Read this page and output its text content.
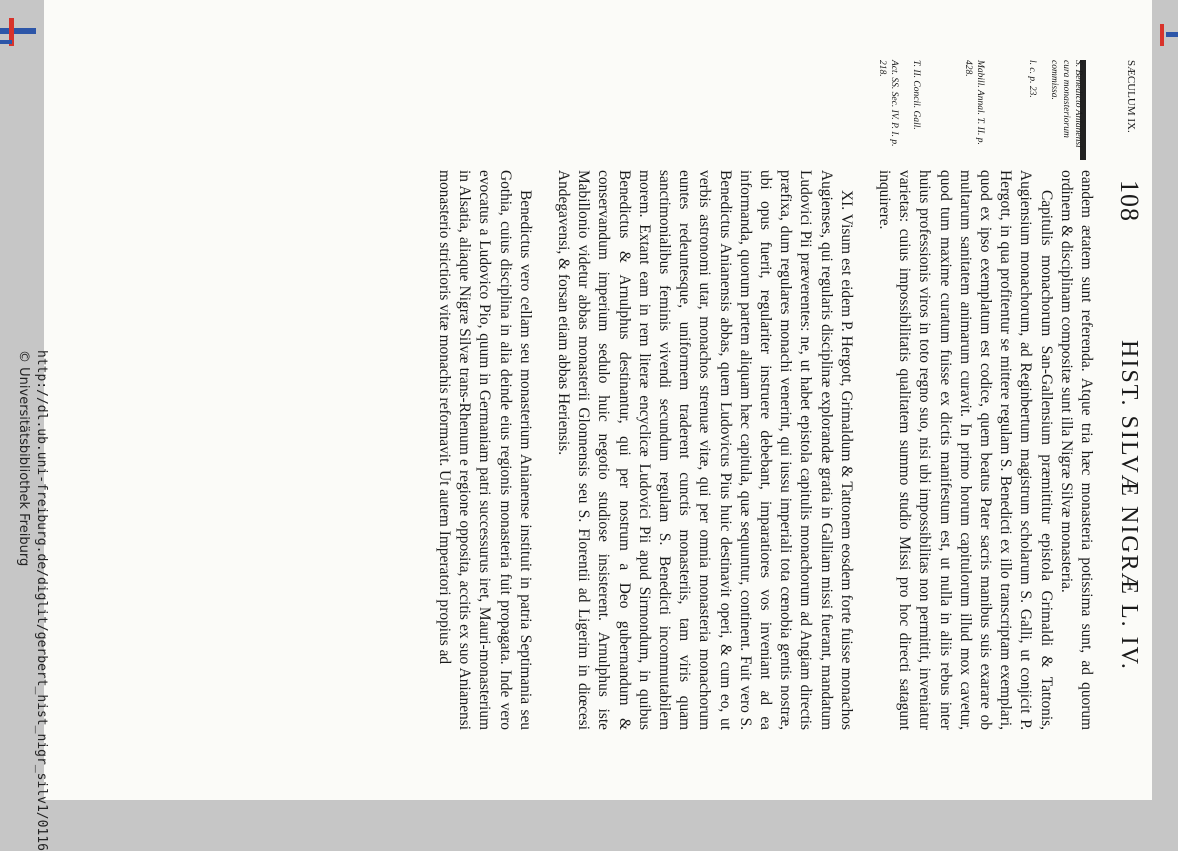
SÆCULUM IX.
108
HIST. SILVÆ NIGRÆ L. IV.

S. Benedicto Anianensi cura monasteriorum commissa.

l. c. p. 23.

Mabill. Annal. T. II. p. 428.

T. II. Concil. Gall.

Act. SS. Sec. IV. P. I. p. 218.

eandem ætatem sunt referenda. Atque tria hæc monasteria potissima sunt, ad quorum ordinem & disciplinam compositæ sunt illa Nigræ Silvæ monasteria.

Capitulis monachorum San-Gallensium præmittitur epistola Grimaldi & Tattonis, Augiensium monachorum, ad Reginbertum magistrum scholarum S. Galli, ut conjicit P. Hergott, in qua profitentur se mittere regulam S. Benedicti ex illo transcriptam exemplari, quod ex ipso exemplatum est codice, quem beatus Pater sacris manibus suis exarare ob multarum sanitatem animarum curavit. In primo horum capitulorum illud mox cavetur, quod tum maxime curatum fuisse ex dictis manifestum est, ut nulla in aliis rebus inter huius professionis viros in toto regno suo, nisi ubi impossibilitas non permittit, inveniatur varietas: cuius impossibilitatis qualitatem summo studio Missi pro hoc directi satagunt inquirere.

XI. Visum est eidem P. Hergott, Grimaldum & Tattonem eosdem forte fuisse monachos Augienses, qui regularis disciplinæ explorandæ gratia in Galliam missi fuerant, mandatum Ludovici Pii præverentes: ne, ut habet epistola capitulis monachorum ad Angiam directis præfixa, dum regulares monachi venerint, qui iussu imperiali tota cœnobia gentis nostræ, ubi opus fuerit, regulariter instruere debebant, imparatiores vos inveniant ad ea informanda, quorum partem aliquam hæc capitula, quæ sequuntur, continent. Fuit vero S. Benedictus Anianensis abbas, quem Ludovicus Pius huic destinavit operi, & cum eo, ut verbis astronomi utar, monachos strenuæ vitæ, qui per omnia monasteria monachorum euntes redeuntesque, uniformem traderent cunctis monasteriis, tam viris quam sanctimonialibus feminis vivendi secundum regulam S. Benedicti incommutabilem morem. Extant eam in rem literæ encyclicæ Ludovici Pii apud Sirmondum, in quibus Benedictus & Arnulphus destinantur, qui per nostrum a Deo gubernandum & conservandum imperium sedulo huic negotio studiose insisterent. Arnulphus iste Mabillonio videtur abbas monasterii Glonnensis seu S. Florentii ad Ligerim in diœcesi Andegavensi, & forsan etiam abbas Heriensis.

Benedictus vero cellam seu monasterium Anianense instituit in patria Septimania seu Gothia, cuius disciplina in alia deinde eius regionis monasteria fuit propagata. Inde vero evocatus a Ludovico Pio, quum in Germaniam patri successurus iret, Mauri-monasterium in Alsatia, aliaque Nigræ Silvæ trans-Rhenum e regione opposita, accitis ex suo Anianensi monasterio strictioris vitæ monachis reformavit. Ut autem Imperatori propius ad

http://dl.ub.uni-freiburg.de/diglit/gerbert_hist_nigr_silv1/0116
© Universitätsbibliothek Freiburg
